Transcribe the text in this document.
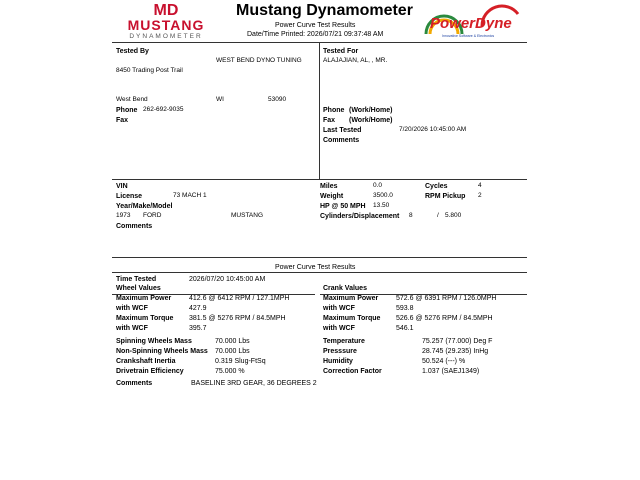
MD
MUSTANG
DYNAMOMETER
Mustang Dynamometer
Power Curve Test Results
Date/Time Printed: 2026/07/21 09:37:48 AM
PowerDyne
Innovative Software & Electronics
Tested By
WEST BEND DYNO TUNING
8450 Trading Post Trail
West Bend	WI	53090
Phone 262-692-9035
Fax
Tested For
ALAJAJIAN, AL, , MR.
Phone (Work/Home)
Fax (Work/Home)
Last Tested	7/20/2026 10:45:00 AM
Comments
VIN
License	73 MACH 1
Year/Make/Model
1973 FORD	MUSTANG
Comments
Miles	0.0
Weight	3500.0
HP @ 50 MPH 13.50
Cylinders/Displacement 8	/ 5.800
Cycles	4
RPM Pickup 2
Power Curve Test Results
Time Tested	2026/07/20 10:45:00 AM
Wheel Values	Crank Values
Maximum Power	412.6 @ 6412 RPM / 127.1MPH
with WCF	427.9
Maximum Torque 381.5 @ 5276 RPM / 84.5MPH
with WCF	395.7
Maximum Power	572.6 @ 6391 RPM / 126.0MPH
with WCF	593.8
Maximum Torque 526.6 @ 5276 RPM / 84.5MPH
with WCF	546.1
Spinning Wheels Mass	70.000 Lbs
Non-Spinning Wheels Mass 70.000 Lbs
Crankshaft Inertia	0.319 Slug-FtSq
Drivetrain Efficiency	75.000 %
Temperature	75.257 (77.000) Deg F
Presssure	28.745 (29.235) InHg
Humidity	50.524 (---) %
Correction Factor	1.037 (SAEJ1349)
Comments	BASELINE 3RD GEAR, 36 DEGREES 2
